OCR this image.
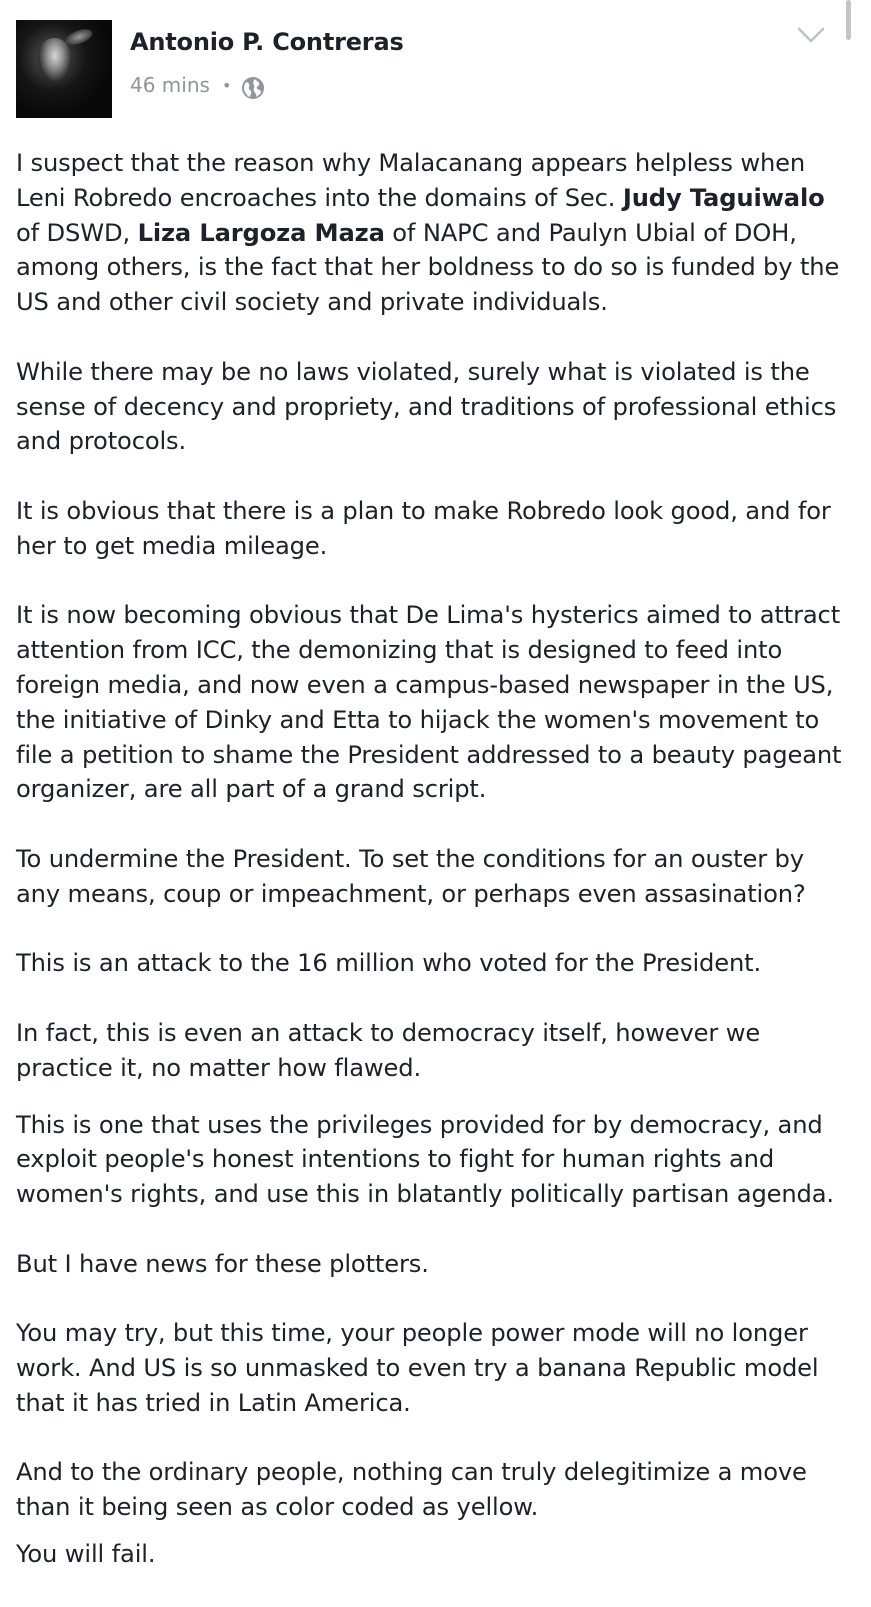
Antonio P. Contreras
46 mins •

I suspect that the reason why Malacanang appears helpless when Leni Robredo encroaches into the domains of Sec. Judy Taguiwalo of DSWD, Liza Largoza Maza of NAPC and Paulyn Ubial of DOH, among others, is the fact that her boldness to do so is funded by the US and other civil society and private individuals.

While there may be no laws violated, surely what is violated is the sense of decency and propriety, and traditions of professional ethics and protocols.

It is obvious that there is a plan to make Robredo look good, and for her to get media mileage.

It is now becoming obvious that De Lima's hysterics aimed to attract attention from ICC, the demonizing that is designed to feed into foreign media, and now even a campus-based newspaper in the US, the initiative of Dinky and Etta to hijack the women's movement to file a petition to shame the President addressed to a beauty pageant organizer, are all part of a grand script.

To undermine the President. To set the conditions for an ouster by any means, coup or impeachment, or perhaps even assasination?

This is an attack to the 16 million who voted for the President.

In fact, this is even an attack to democracy itself, however we practice it, no matter how flawed.

This is one that uses the privileges provided for by democracy, and exploit people's honest intentions to fight for human rights and women's rights, and use this in blatantly politically partisan agenda.

But I have news for these plotters.

You may try, but this time, your people power mode will no longer work. And US is so unmasked to even try a banana Republic model that it has tried in Latin America.

And to the ordinary people, nothing can truly delegitimize a move than it being seen as color coded as yellow.

You will fail.
